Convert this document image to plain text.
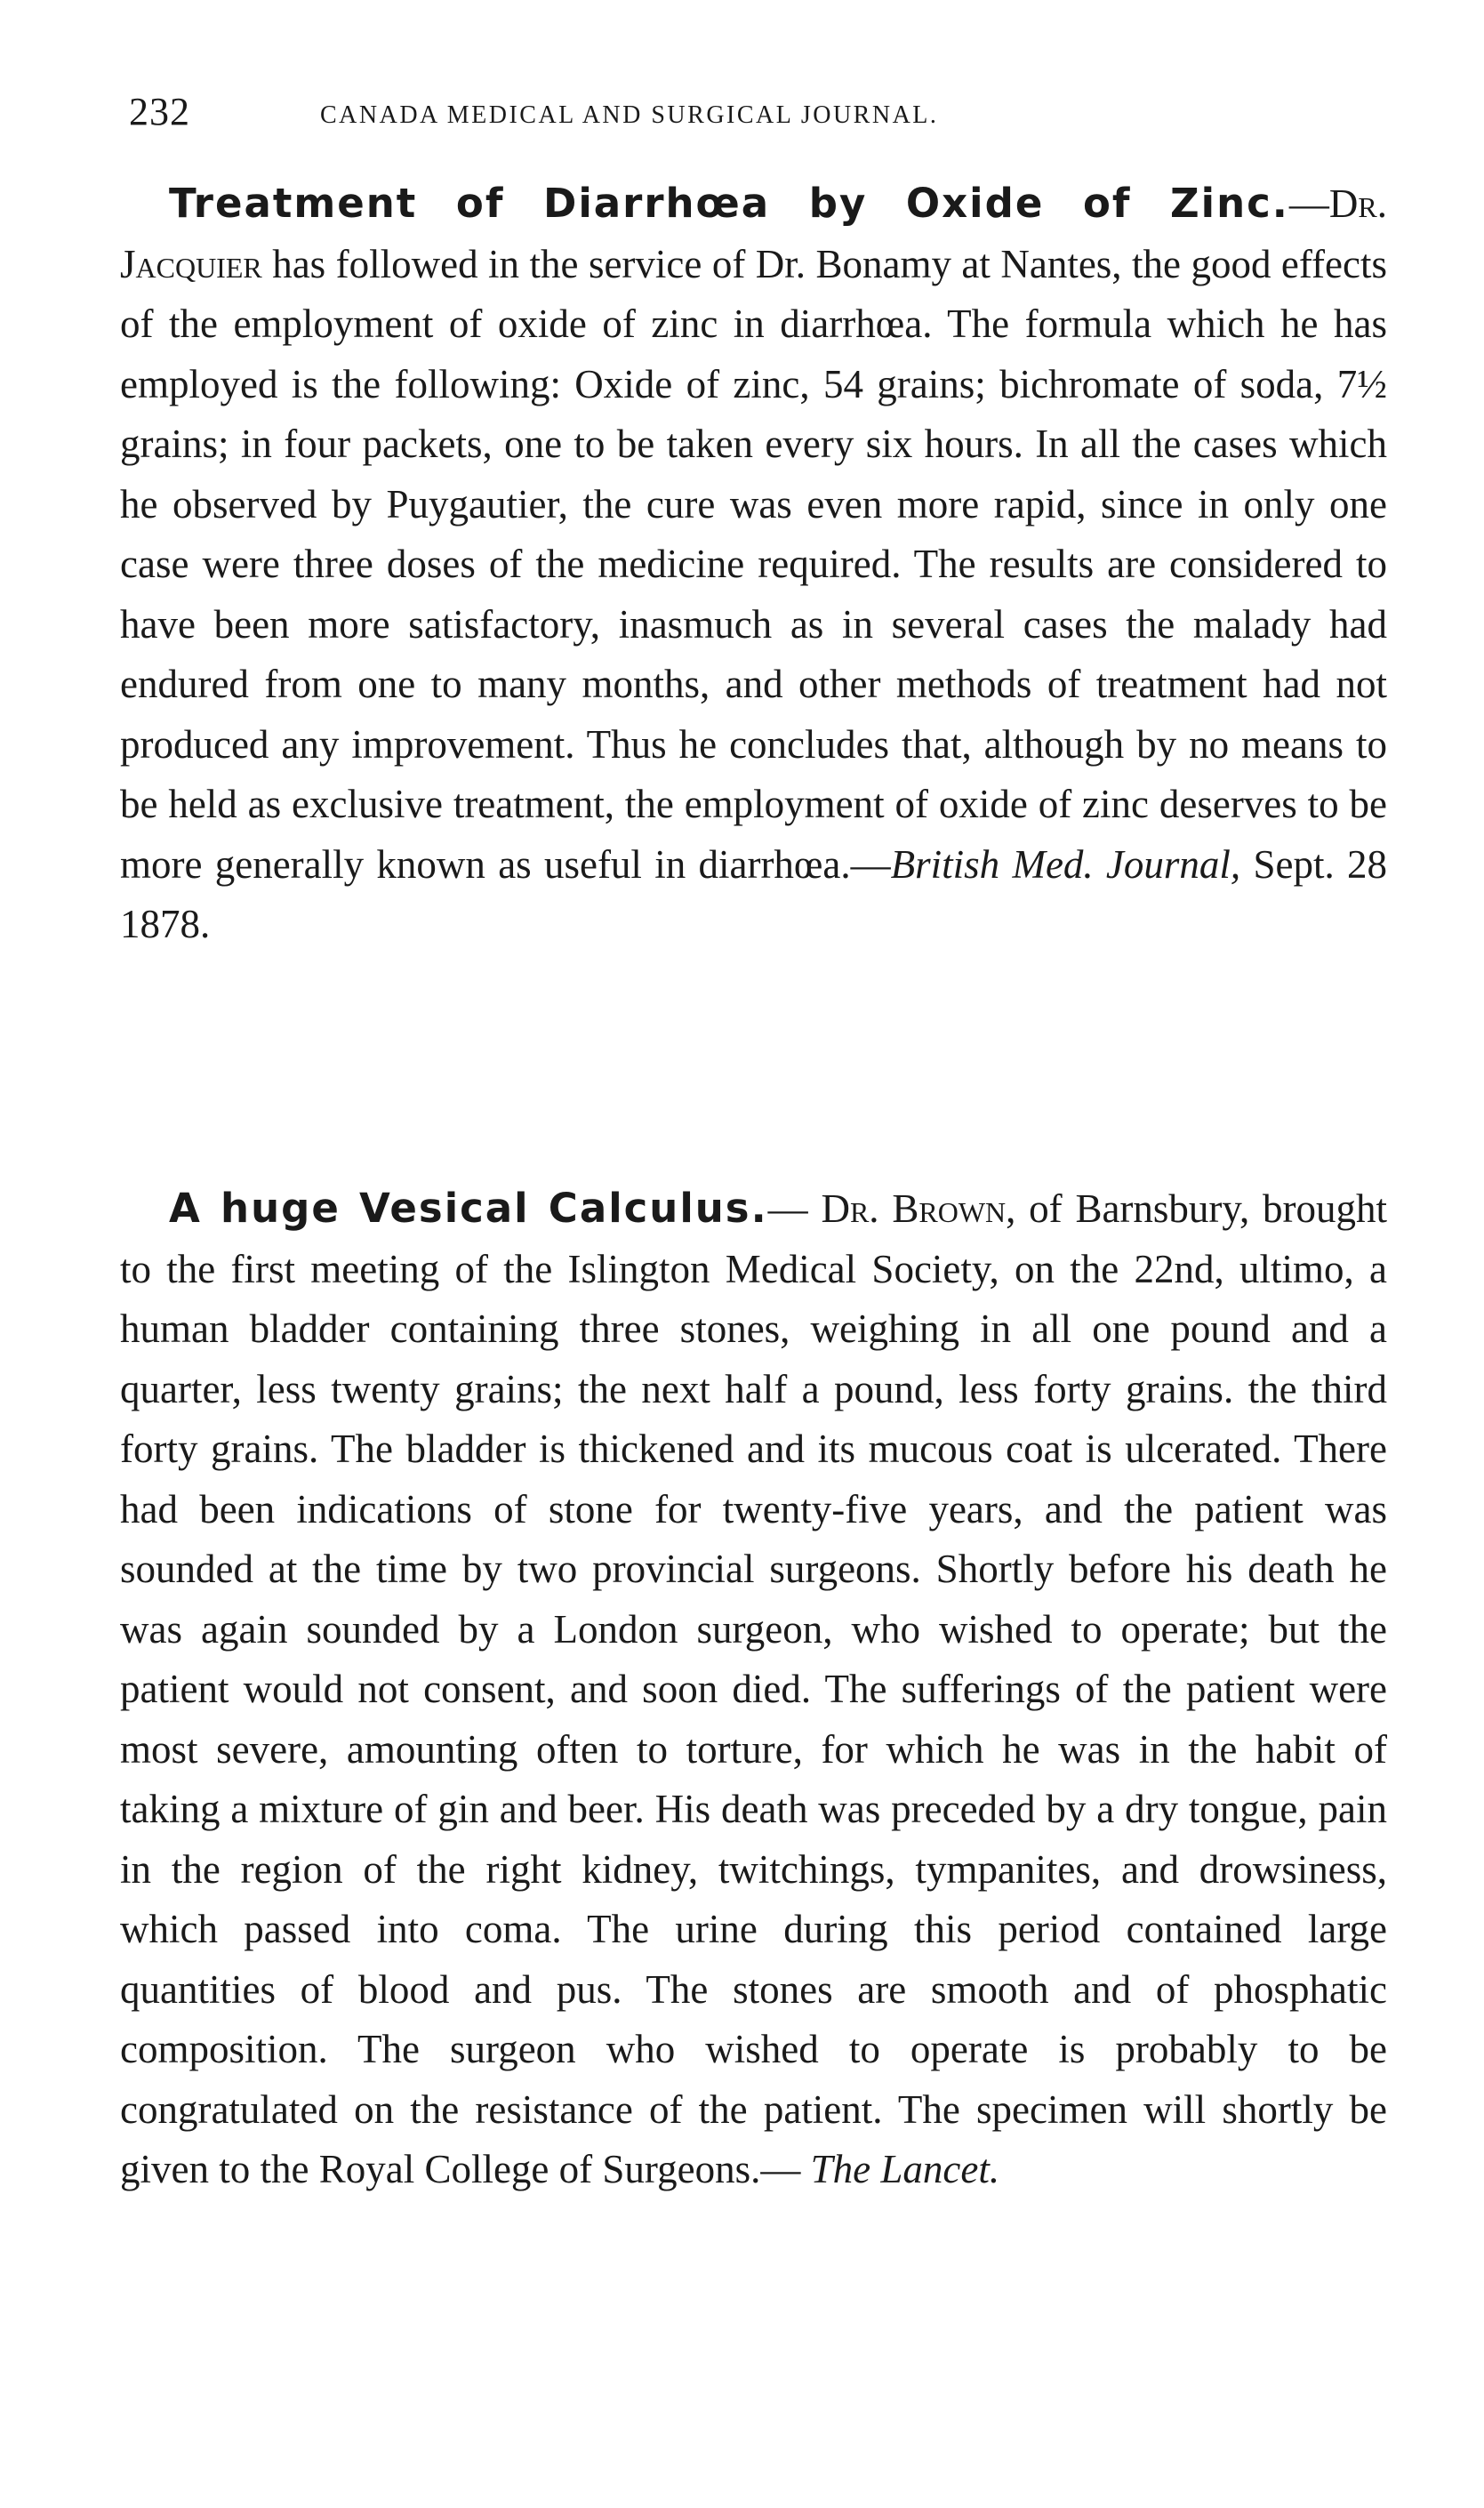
232	CANADA MEDICAL AND SURGICAL JOURNAL.

Treatment of Diarrhœa by Oxide of Zinc.—Dr. Jacquier has followed in the service of Dr. Bonamy at Nantes, the good effects of the employment of oxide of zinc in diarrhœa. The formula which he has employed is the following: Oxide of zinc, 54 grains; bichromate of soda, 7½ grains; in four packets, one to be taken every six hours. In all the cases which he observed by Puygautier, the cure was even more rapid, since in only one case were three doses of the medicine required. The results are considered to have been more satisfactory, inasmuch as in several cases the malady had endured from one to many months, and other methods of treatment had not produced any improvement. Thus he concludes that, although by no means to be held as exclusive treatment, the employment of oxide of zinc deserves to be more generally known as useful in diarrhœa.—British Med. Journal, Sept. 28 1878.

A huge Vesical Calculus.— Dr. Brown, of Barnsbury, brought to the first meeting of the Islington Medical Society, on the 22nd, ultimo, a human bladder containing three stones, weighing in all one pound and a quarter, less twenty grains; the next half a pound, less forty grains. the third forty grains. The bladder is thickened and its mucous coat is ulcerated. There had been indications of stone for twenty-five years, and the patient was sounded at the time by two provincial surgeons. Shortly before his death he was again sounded by a London surgeon, who wished to operate; but the patient would not consent, and soon died. The sufferings of the patient were most severe, amounting often to torture, for which he was in the habit of taking a mixture of gin and beer. His death was preceded by a dry tongue, pain in the region of the right kidney, twitchings, tympanites, and drowsiness, which passed into coma. The urine during this period contained large quantities of blood and pus. The stones are smooth and of phosphatic composition. The surgeon who wished to operate is probably to be congratulated on the resistance of the patient. The specimen will shortly be given to the Royal College of Surgeons.— The Lancet.
